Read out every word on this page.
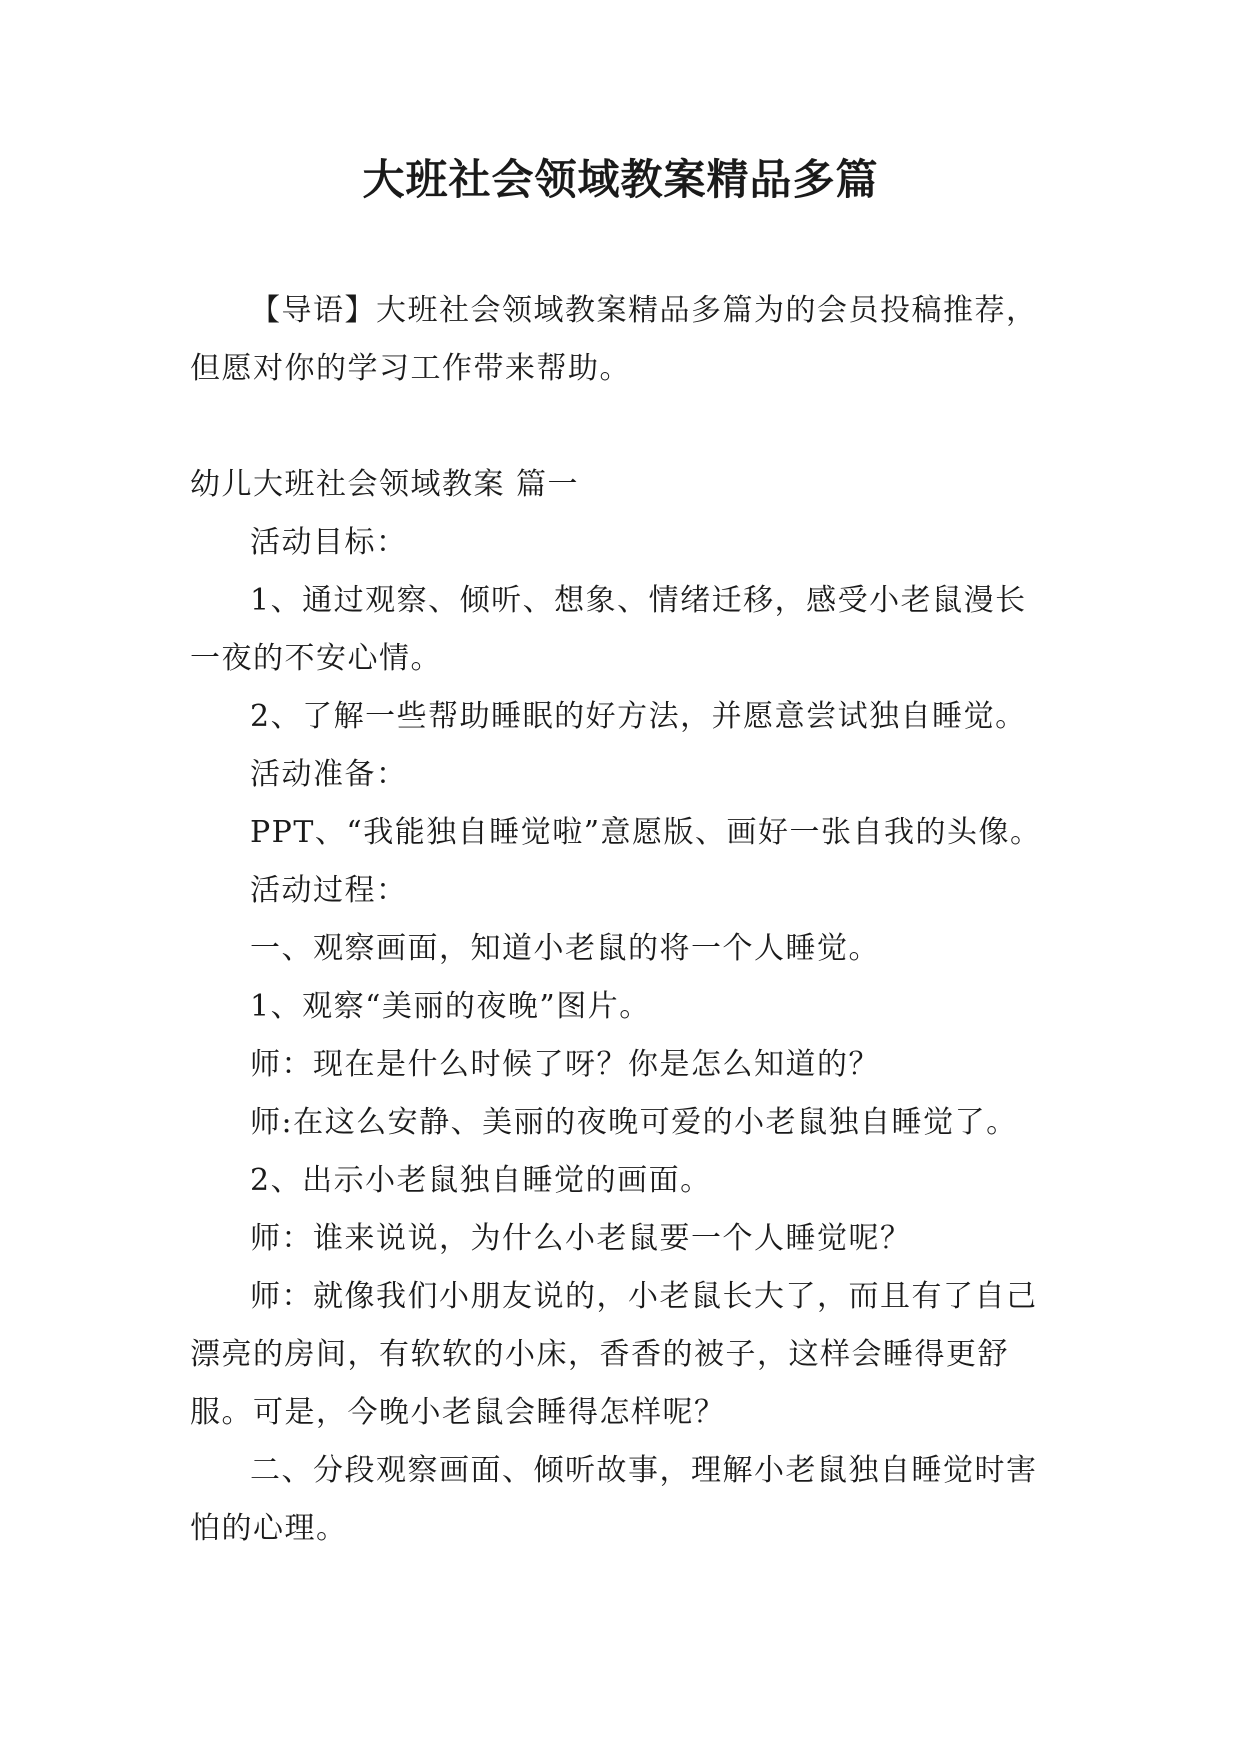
大班社会领域教案精品多篇

【导语】大班社会领域教案精品多篇为的会员投稿推荐，但愿对你的学习工作带来帮助。

幼儿大班社会领域教案 篇一

活动目标：

1、通过观察、倾听、想象、情绪迁移，感受小老鼠漫长一夜的不安心情。

2、了解一些帮助睡眠的好方法，并愿意尝试独自睡觉。

活动准备：

PPT、“我能独自睡觉啦”意愿版、画好一张自我的头像。

活动过程：

一、观察画面，知道小老鼠的将一个人睡觉。

1、观察“美丽的夜晚”图片。

师：现在是什么时候了呀？你是怎么知道的？

师:在这么安静、美丽的夜晚可爱的小老鼠独自睡觉了。

2、出示小老鼠独自睡觉的画面。

师：谁来说说，为什么小老鼠要一个人睡觉呢？

师：就像我们小朋友说的，小老鼠长大了，而且有了自己漂亮的房间，有软软的小床，香香的被子，这样会睡得更舒服。可是，今晚小老鼠会睡得怎样呢？

二、分段观察画面、倾听故事，理解小老鼠独自睡觉时害怕的心理。
